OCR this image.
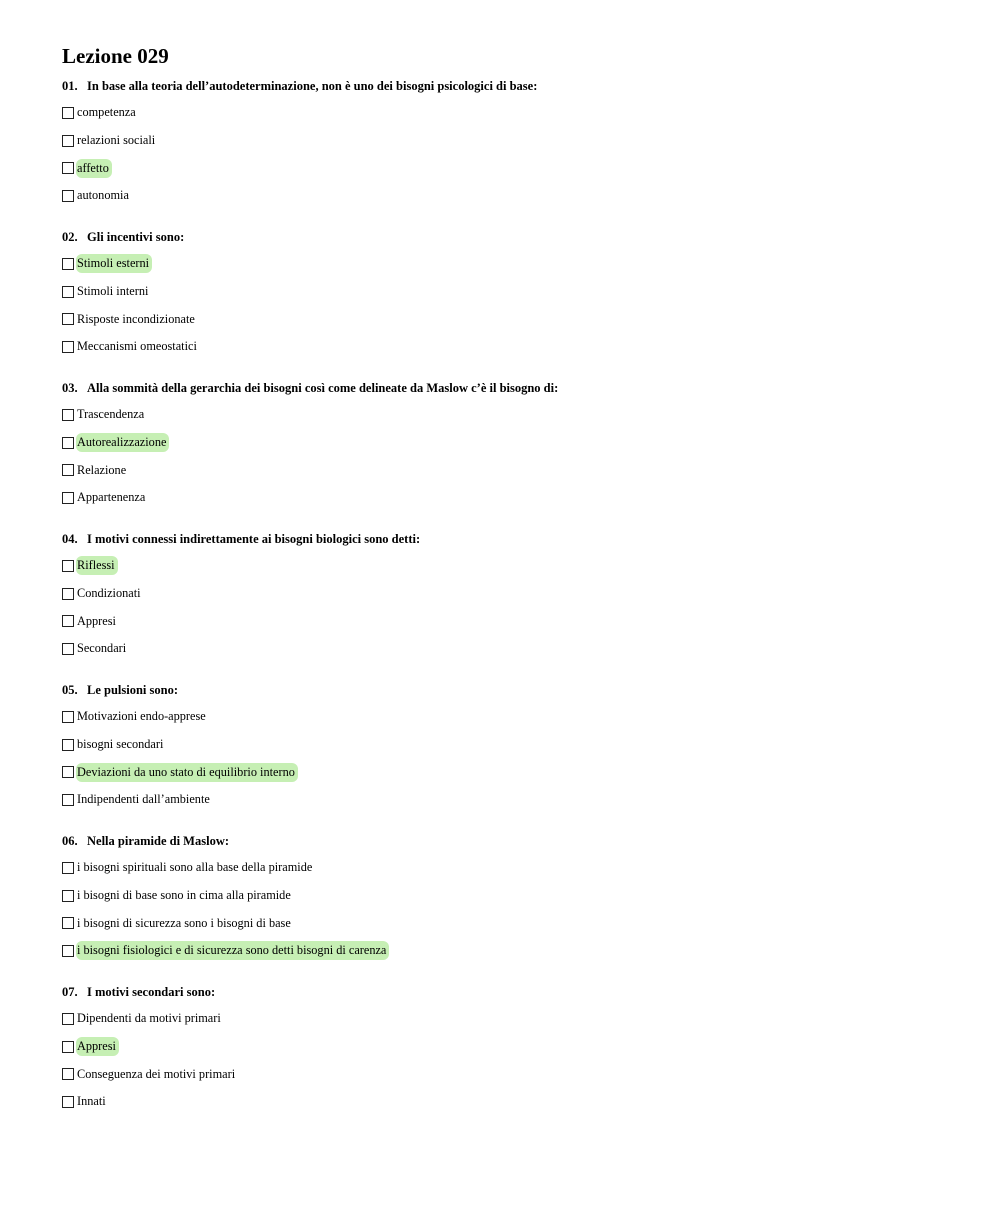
Lezione 029
01. In base alla teoria dell’autodeterminazione, non è uno dei bisogni psicologici di base:
competenza
relazioni sociali
affetto
autonomia
02. Gli incentivi sono:
Stimoli esterni
Stimoli interni
Risposte incondizionate
Meccanismi omeostatici
03. Alla sommità della gerarchia dei bisogni così come delineate da Maslow c’è il bisogno di:
Trascendenza
Autorealizzazione
Relazione
Appartenenza
04. I motivi connessi indirettamente ai bisogni biologici sono detti:
Riflessi
Condizionati
Appresi
Secondari
05. Le pulsioni sono:
Motivazioni endo-apprese
bisogni secondari
Deviazioni da uno stato di equilibrio interno
Indipendenti dall’ambiente
06. Nella piramide di Maslow:
i bisogni spirituali sono alla base della piramide
i bisogni di base sono in cima alla piramide
i bisogni di sicurezza sono i bisogni di base
i bisogni fisiologici e di sicurezza sono detti bisogni di carenza
07. I motivi secondari sono:
Dipendenti da motivi primari
Appresi
Conseguenza dei motivi primari
Innati
